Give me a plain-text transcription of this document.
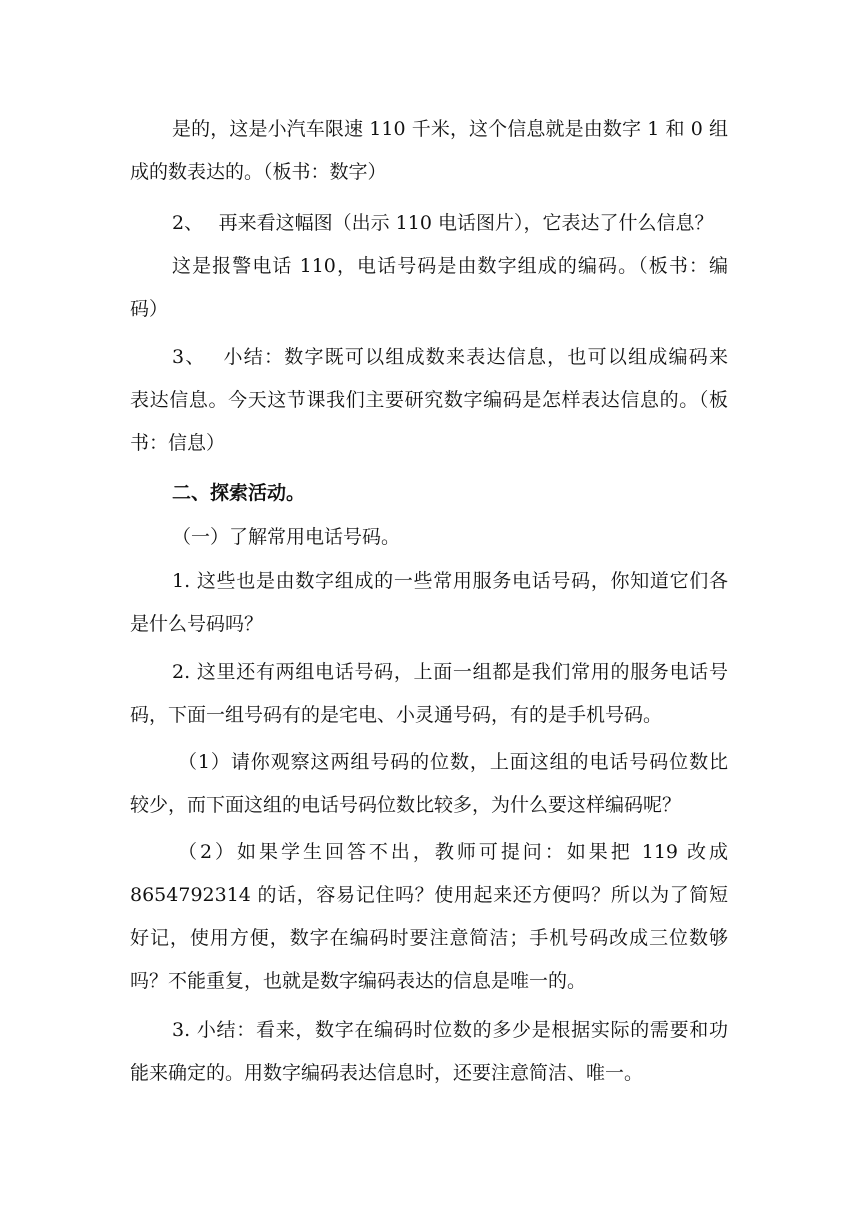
是的，这是小汽车限速 110 千米，这个信息就是由数字 1 和 0 组
成的数表达的。（板书：数字）
2、　 再来看这幅图（出示 110 电话图片），它表达了什么信息？
这是报警电话 110，电话号码是由数字组成的编码。（板书：编
码）
3、　 小结：数字既可以组成数来表达信息，也可以组成编码来
表达信息。今天这节课我们主要研究数字编码是怎样表达信息的。（板
书：信息）
二、探索活动。
（一）了解常用电话号码。
1. 这些也是由数字组成的一些常用服务电话号码，你知道它们各
是什么号码吗？
2. 这里还有两组电话号码，上面一组都是我们常用的服务电话号
码，下面一组号码有的是宅电、小灵通号码，有的是手机号码。
（1）请你观察这两组号码的位数，上面这组的电话号码位数比
较少，而下面这组的电话号码位数比较多，为什么要这样编码呢？
（2）如果学生回答不出，教师可提问：如果把 119 改成
8654792314 的话，容易记住吗？使用起来还方便吗？所以为了简短
好记，使用方便，数字在编码时要注意简洁；手机号码改成三位数够
吗？不能重复，也就是数字编码表达的信息是唯一的。
3. 小结：看来，数字在编码时位数的多少是根据实际的需要和功
能来确定的。用数字编码表达信息时，还要注意简洁、唯一。
